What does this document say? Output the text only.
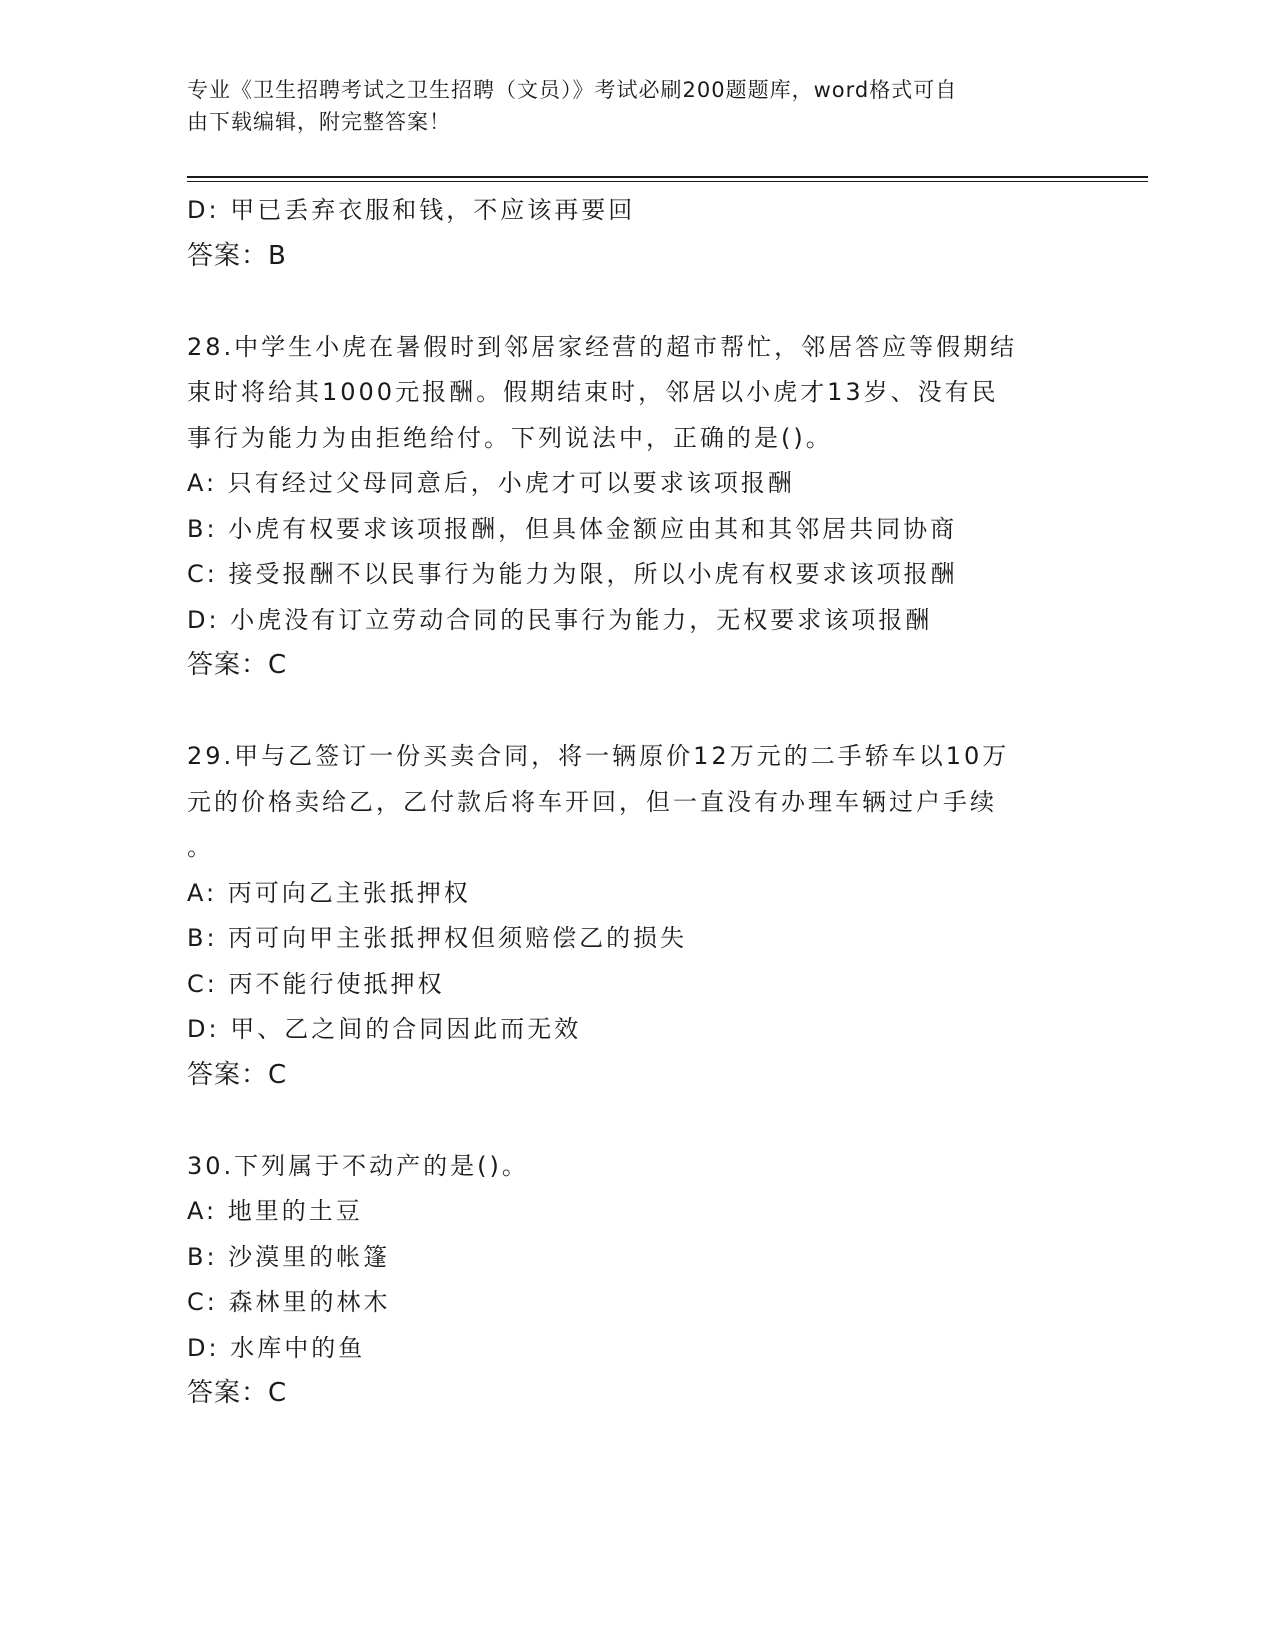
专业《卫生招聘考试之卫生招聘（文员）》考试必刷200题题库，word格式可自
由下载编辑，附完整答案！
D: 甲已丢弃衣服和钱，不应该再要回
答案：B
28.中学生小虎在暑假时到邻居家经营的超市帮忙，邻居答应等假期结
束时将给其1000元报酬。假期结束时，邻居以小虎才13岁、没有民
事行为能力为由拒绝给付。下列说法中，正确的是()。
A: 只有经过父母同意后，小虎才可以要求该项报酬
B: 小虎有权要求该项报酬，但具体金额应由其和其邻居共同协商
C: 接受报酬不以民事行为能力为限，所以小虎有权要求该项报酬
D: 小虎没有订立劳动合同的民事行为能力，无权要求该项报酬
答案：C
29.甲与乙签订一份买卖合同，将一辆原价12万元的二手轿车以10万
元的价格卖给乙，乙付款后将车开回，但一直没有办理车辆过户手续
。
A: 丙可向乙主张抵押权
B: 丙可向甲主张抵押权但须赔偿乙的损失
C: 丙不能行使抵押权
D: 甲、乙之间的合同因此而无效
答案：C
30.下列属于不动产的是()。
A: 地里的土豆
B: 沙漠里的帐篷
C: 森林里的林木
D: 水库中的鱼
答案：C
